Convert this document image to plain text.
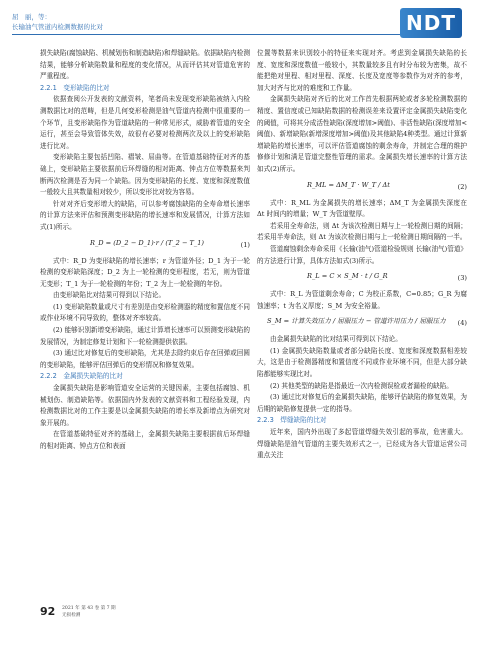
屈　丽，等：
长输油气管道内检测数据的比对	NDT

损失缺陷(腐蚀缺陷、机械划伤和制造缺陷)和焊缝缺陷。依据缺陷内检测结果，能够分析缺陷数量和程度的变化情况，从而评估其对管道危害的严重程度。

2.2.1　变形缺陷的比对

依据查阅公开发表的文献资料，笔者尚未发现变形缺陷被纳入内检测数据比对的范畴，但是几何变形检测是油气管道内检测中很重要的一个环节，且变形缺陷作为管道缺陷的一种常见形式，威胁着管道的安全运行，甚至会导致管体失效，故很有必要对检测两次及以上的变形缺陷进行比对。

变形缺陷主要包括凹陷、褶皱、屈曲等。在管道基础特征对齐的基础上，变形缺陷主要依据前后环焊缝的相对距离、钟点方位等数据来判断两次检测是否为同一个缺陷。因为变形缺陷的长度、宽度和深度数值一般较大且其数量相对较少，所以变形比对较为容易。

针对对齐后变形增大的缺陷，可以参考腐蚀缺陷的全寿命增长速率的计算方法来评估和预测变形缺陷的增长速率和发展情况，计算方法如式(1)所示。

R_D = (D_2 − D_1)·r / (T_2 − T_1)	(1)

式中：R_D 为变形缺陷的增长速率；r 为管道外径；D_1 为于一轮检测的变形缺陷深度；D_2 为上一轮检测的变形程度，若无，则为管道无变形；T_1 为于一轮检测的年份；T_2 为上一轮检测的年份。

由变形缺陷比对结果可得到以下结论。

(1) 变形缺陷数量或尺寸有差别是由变形检测器的精度和置信度不同或作业环境不同导致的，整体对齐率较高。

(2) 能够识别新增变形缺陷，通过计算增长速率可以预测变形缺陷的发展情况，为制定修复计划和下一轮检测提供依据。

(3) 通过比对修复后的变形缺陷，尤其是去除约束后存在回弹或回圆的变形缺陷，能够评估回弹后的变形情况和修复效果。

2.2.2　金属损失缺陷的比对

金属损失缺陷是影响管道安全运营的关键因素，主要包括腐蚀、机械划伤、制造缺陷等。依据国内外发表的文献资料和工程经验发现，内检测数据比对的工作主要是以金属损失缺陷的增长率及新增点为研究对象开展的。

在管道基础特征对齐的基础上，金属损失缺陷主要根据前后环焊缝的相对距离、钟点方位和表面

位置等数据来识别较小的特征来实现对齐。考虑到金属损失缺陷的长度、宽度和深度数值一般较小，其数量较多且有时分布较为密集，故不能把绝对里程、相对里程、深度、长度及宽度等参数作为对齐的参考，加大对齐与比对的难度和工作量。

金属损失缺陷对齐后的比对工作首先根据两轮或者多轮检测数据的精度、置信度或已知缺陷数据的检测误差来设置评定金属损失缺陷变化的阈值，可将其分成活性缺陷(深度增加>阈值)、非活性缺陷(深度增加<阈值)、新增缺陷(新增深度增加>阈值)及其他缺陷4种类型。通过计算新增缺陷的增长速率，可以评估管道腐蚀的剩余寿命，并制定合理的维护修修计划和满足管道完整性管理的需求。金属损失增长速率的计算方法如式(2)所示。

R_ML = ΔM_T · W_T / Δt	(2)

式中：R_ML 为金属损失的增长速率；ΔM_T 为金属损失深度在 Δt 时间内的增量；W_T 为管道壁厚。

若采用全寿命法，则 Δt 为该次检测日期与上一轮检测日期的间隔；若采用半寿命法，则 Δt 为该次检测日期与上一轮检测日期间隔的一半。

管道腐蚀剩余寿命采用《长输(油气)管道检验规则 长输(油气)管道》的方法进行计算，具体方法如式(3)所示。

R_L = C × S_M · t / G_R	(3)

式中：R_L 为管道剩余寿命；C 为校正系数，C=0.85；G_R 为腐蚀速率；t 为名义厚度；S_M 为安全裕量。

S_M = 计算失效压力 / 屈服压力 − 管道许用压力 / 屈服压力 (4)

由金属损失缺陷的比对结果可得到以下结论。

(1) 金属损失缺陷数量或者部分缺陷长度、宽度和深度数据相差较大，这是由于检测器精度和置信度不同或作业环境不同，但是大部分缺陷都能够实现比对。

(2) 其他类型的缺陷是指最近一次内检测误检或者漏检的缺陷。

(3) 通过比对修复后的金属损失缺陷，能够评估缺陷的修复效果，为后期的缺陷修复提供一定的指导。

2.2.3　焊缝缺陷的比对

近年来，国内外出现了多起管道焊缝失效引起的事故，危害重大。焊缝缺陷是油气管道的主要失效形式之一，已经成为各大管道运营公司重点关注

92 2021 年 第 43 卷 第 7 期
无损检测
